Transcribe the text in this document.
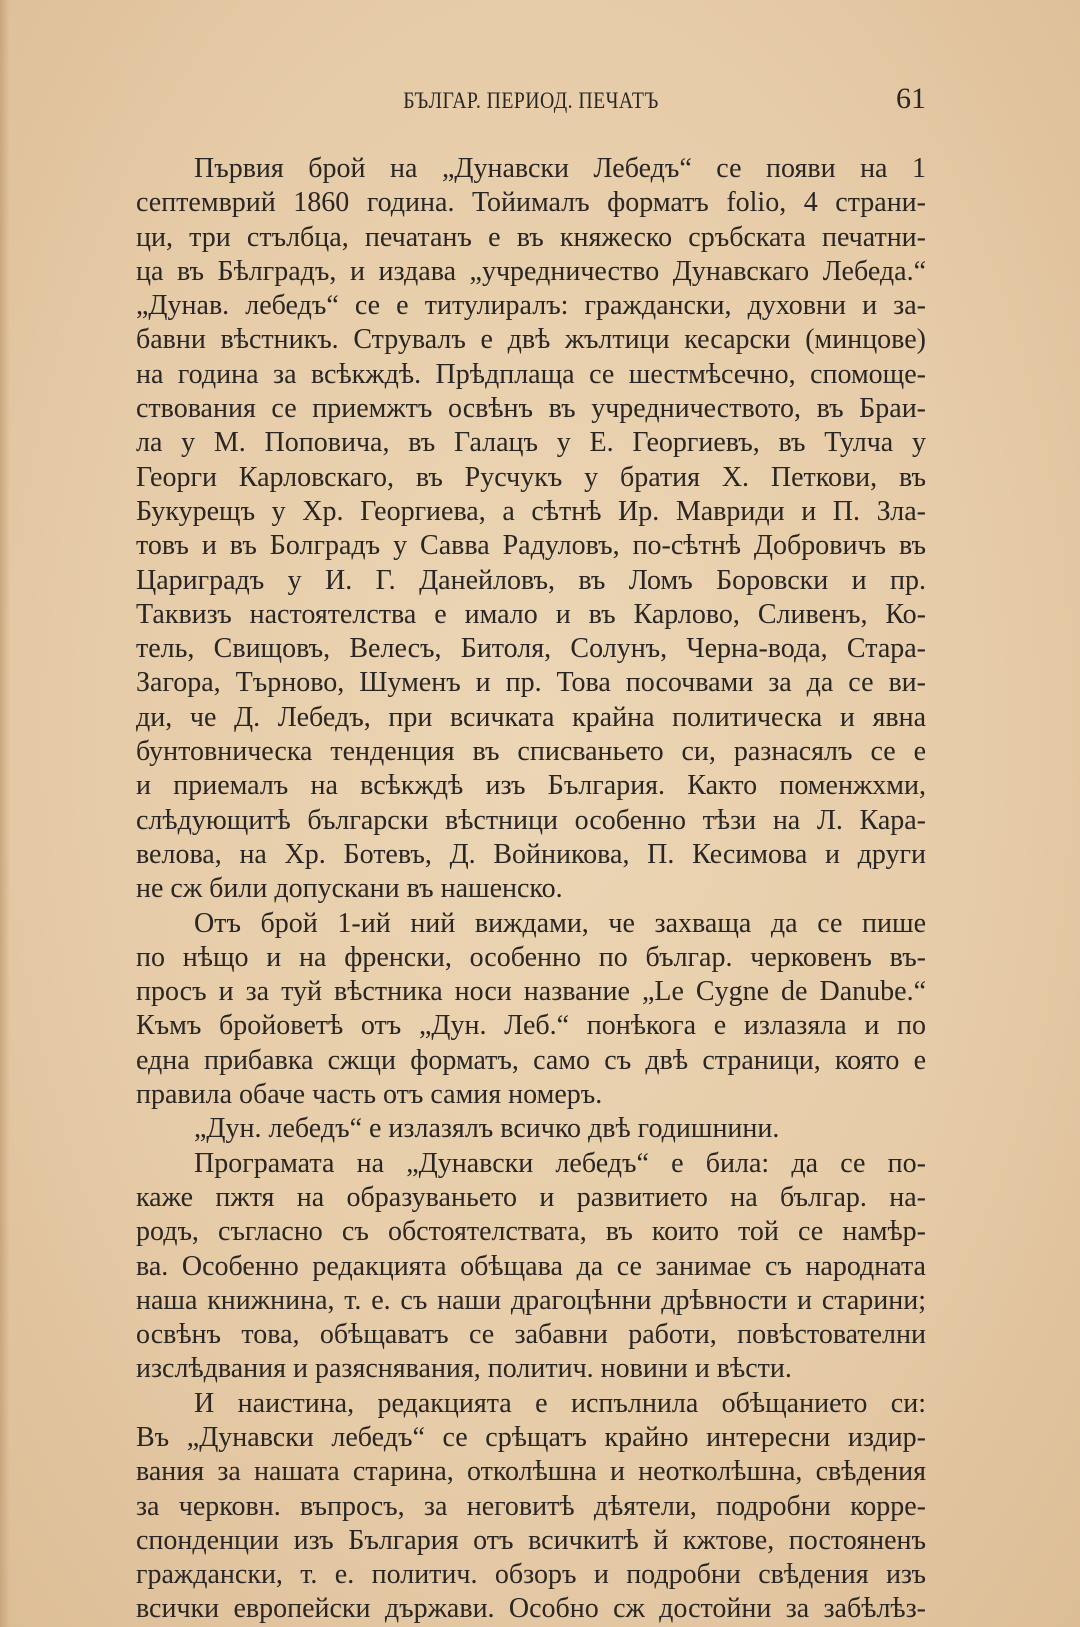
БЪЛГАР. ПЕРИОД. ПЕЧАТЪ	61
Първия брой на „Дунавски Лебедъ“ се появи на 1
септемврий 1860 година. Тойималъ форматъ folio, 4 страни-
ци, три стълбца, печатанъ е въ княжеско сръбската печатни-
ца въ Бѣлградъ, и издава „учредничество Дунавскаго Лебеда.“
„Дунав. лебедъ“ се е титулиралъ: граждански, духовни и за-
бавни вѣстникъ. Струвалъ е двѣ жълтици кесарски (минцове)
на година за всѣкждѣ. Прѣдплаща се шестмѣсечно, спомоще-
ствования се приемжтъ освѣнъ въ учредничеството, въ Браи-
ла у М. Поповича, въ Галацъ у Е. Георгиевъ, въ Тулча у
Георги Карловскаго, въ Русчукъ у братия Х. Петкови, въ
Букурещъ у Хр. Георгиева, а сѣтнѣ Ир. Мавриди и П. Зла-
товъ и въ Болградъ у Савва Радуловъ, по-сѣтнѣ Добровичъ въ
Цариградъ у И. Г. Данейловъ, въ Ломъ Боровски и пр.
Таквизъ настоятелства е имало и въ Карлово, Сливенъ, Ко-
тель, Свищовъ, Велесъ, Битоля, Солунъ, Черна-вода, Стара-
Загора, Търново, Шуменъ и пр. Това посочвами за да се ви-
ди, че Д. Лебедъ, при всичката крайна политическа и явна
бунтовническа тенденция въ списваньето си, разнасялъ се е
и приемалъ на всѣкждѣ изъ България. Както поменжхми,
слѣдующитѣ български вѣстници особенно тѣзи на Л. Кара-
велова, на Хр. Ботевъ, Д. Войникова, П. Кесимова и други
не сж били допускани въ нашенско.
Отъ брой 1-ий ний виждами, че захваща да се пише
по нѣщо и на френски, особенно по българ. черковенъ въ-
просъ и за туй вѣстника носи название „Le Cygne de Danube.“
Къмъ бройоветѣ отъ „Дун. Леб.“ понѣкога е излазяла и по
една прибавка сжщи форматъ, само съ двѣ страници, която е
правила обаче часть отъ самия номеръ.
„Дун. лебедъ“ е излазялъ всичко двѣ годишнини.
Програмата на „Дунавски лебедъ“ е била: да се по-
каже пжтя на образуваньето и развитието на българ. на-
родъ, съгласно съ обстоятелствата, въ които той се намѣр-
ва. Особенно редакцията обѣщава да се занимае съ народната
наша книжнина, т. е. съ наши драгоцѣнни дрѣвности и старини;
освѣнъ това, обѣщаватъ се забавни работи, повѣстователни
изслѣдвания и разяснявания, политич. новини и вѣсти.
И наистина, редакцията е испълнила обѣщанието си:
Въ „Дунавски лебедъ“ се срѣщатъ крайно интересни издир-
вания за нашата старина, отколѣшна и неотколѣшна, свѣдения
за черковн. въпросъ, за неговитѣ дѣятели, подробни корре-
спонденции изъ България отъ всичкитѣ й кжтове, постояненъ
граждански, т. е. политич. обзоръ и подробни свѣдения изъ
всички европейски държави. Особно сж достойни за забѣлѣз-
